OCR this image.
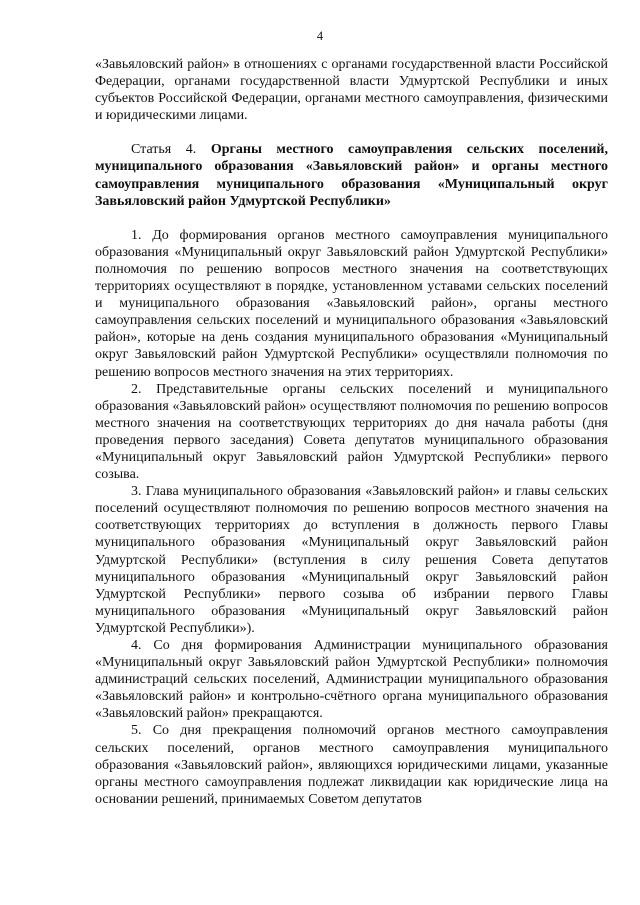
4

«Завьяловский район» в отношениях с органами государственной власти Российской Федерации, органами государственной власти Удмуртской Республики и иных субъектов Российской Федерации, органами местного самоуправления, физическими и юридическими лицами.

Статья 4. Органы местного самоуправления сельских поселений, муниципального образования «Завьяловский район» и органы местного самоуправления муниципального образования «Муниципальный округ Завьяловский район Удмуртской Республики»

1. До формирования органов местного самоуправления муниципального образования «Муниципальный округ Завьяловский район Удмуртской Республики» полномочия по решению вопросов местного значения на соответствующих территориях осуществляют в порядке, установленном уставами сельских поселений и муниципального образования «Завьяловский район», органы местного самоуправления сельских поселений и муниципального образования «Завьяловский район», которые на день создания муниципального образования «Муниципальный округ Завьяловский район Удмуртской Республики» осуществляли полномочия по решению вопросов местного значения на этих территориях.

2. Представительные органы сельских поселений и муниципального образования «Завьяловский район» осуществляют полномочия по решению вопросов местного значения на соответствующих территориях до дня начала работы (дня проведения первого заседания) Совета депутатов муниципального образования «Муниципальный округ Завьяловский район Удмуртской Республики» первого созыва.

3. Глава муниципального образования «Завьяловский район» и главы сельских поселений осуществляют полномочия по решению вопросов местного значения на соответствующих территориях до вступления в должность первого Главы муниципального образования «Муниципальный округ Завьяловский район Удмуртской Республики» (вступления в силу решения Совета депутатов муниципального образования «Муниципальный округ Завьяловский район Удмуртской Республики» первого созыва об избрании первого Главы муниципального образования «Муниципальный округ Завьяловский район Удмуртской Республики»).

4. Со дня формирования Администрации муниципального образования «Муниципальный округ Завьяловский район Удмуртской Республики» полномочия администраций сельских поселений, Администрации муниципального образования «Завьяловский район» и контрольно-счётного органа муниципального образования «Завьяловский район» прекращаются.

5. Со дня прекращения полномочий органов местного самоуправления сельских поселений, органов местного самоуправления муниципального образования «Завьяловский район», являющихся юридическими лицами, указанные органы местного самоуправления подлежат ликвидации как юридические лица на основании решений, принимаемых Советом депутатов
